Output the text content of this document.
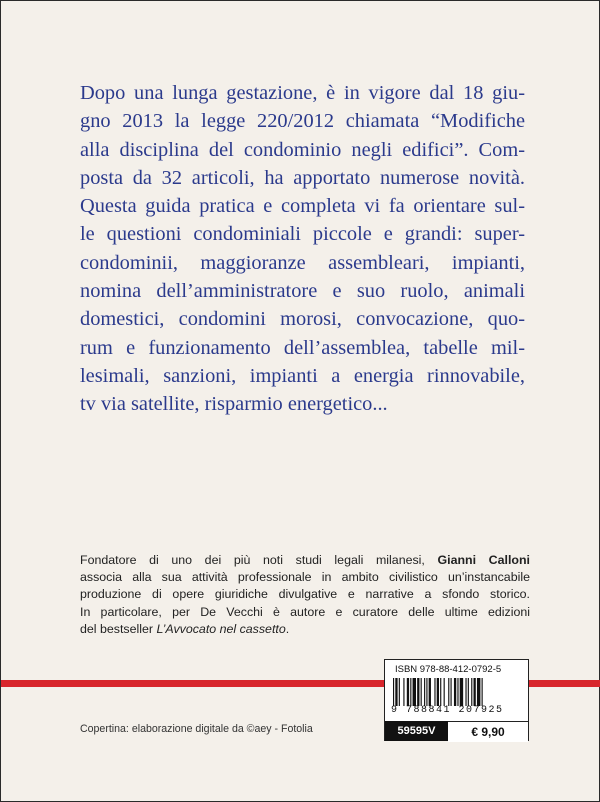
Dopo una lunga gestazione, è in vigore dal 18 giu-
gno 2013 la legge 220/2012 chiamata “Modifiche
alla disciplina del condominio negli edifici”. Com-
posta da 32 articoli, ha apportato numerose novità.
Questa guida pratica e completa vi fa orientare sul-
le questioni condominiali piccole e grandi: super-
condominii, maggioranze assembleari, impianti,
nomina dell’amministratore e suo ruolo, animali
domestici, condomini morosi, convocazione, quo-
rum e funzionamento dell’assemblea, tabelle mil-
lesimali, sanzioni, impianti a energia rinnovabile,
tv via satellite, risparmio energetico...
Fondatore di uno dei più noti studi legali milanesi, Gianni Calloni
associa alla sua attività professionale in ambito civilistico un’instancabile
produzione di opere giuridiche divulgative e narrative a sfondo storico.
In particolare, per De Vecchi è autore e curatore delle ultime edizioni
del bestseller L’Avvocato nel cassetto.
Copertina: elaborazione digitale da ©aey - Fotolia
ISBN 978-88-412-0792-5
9 788841 207925
59595V	€ 9,90
